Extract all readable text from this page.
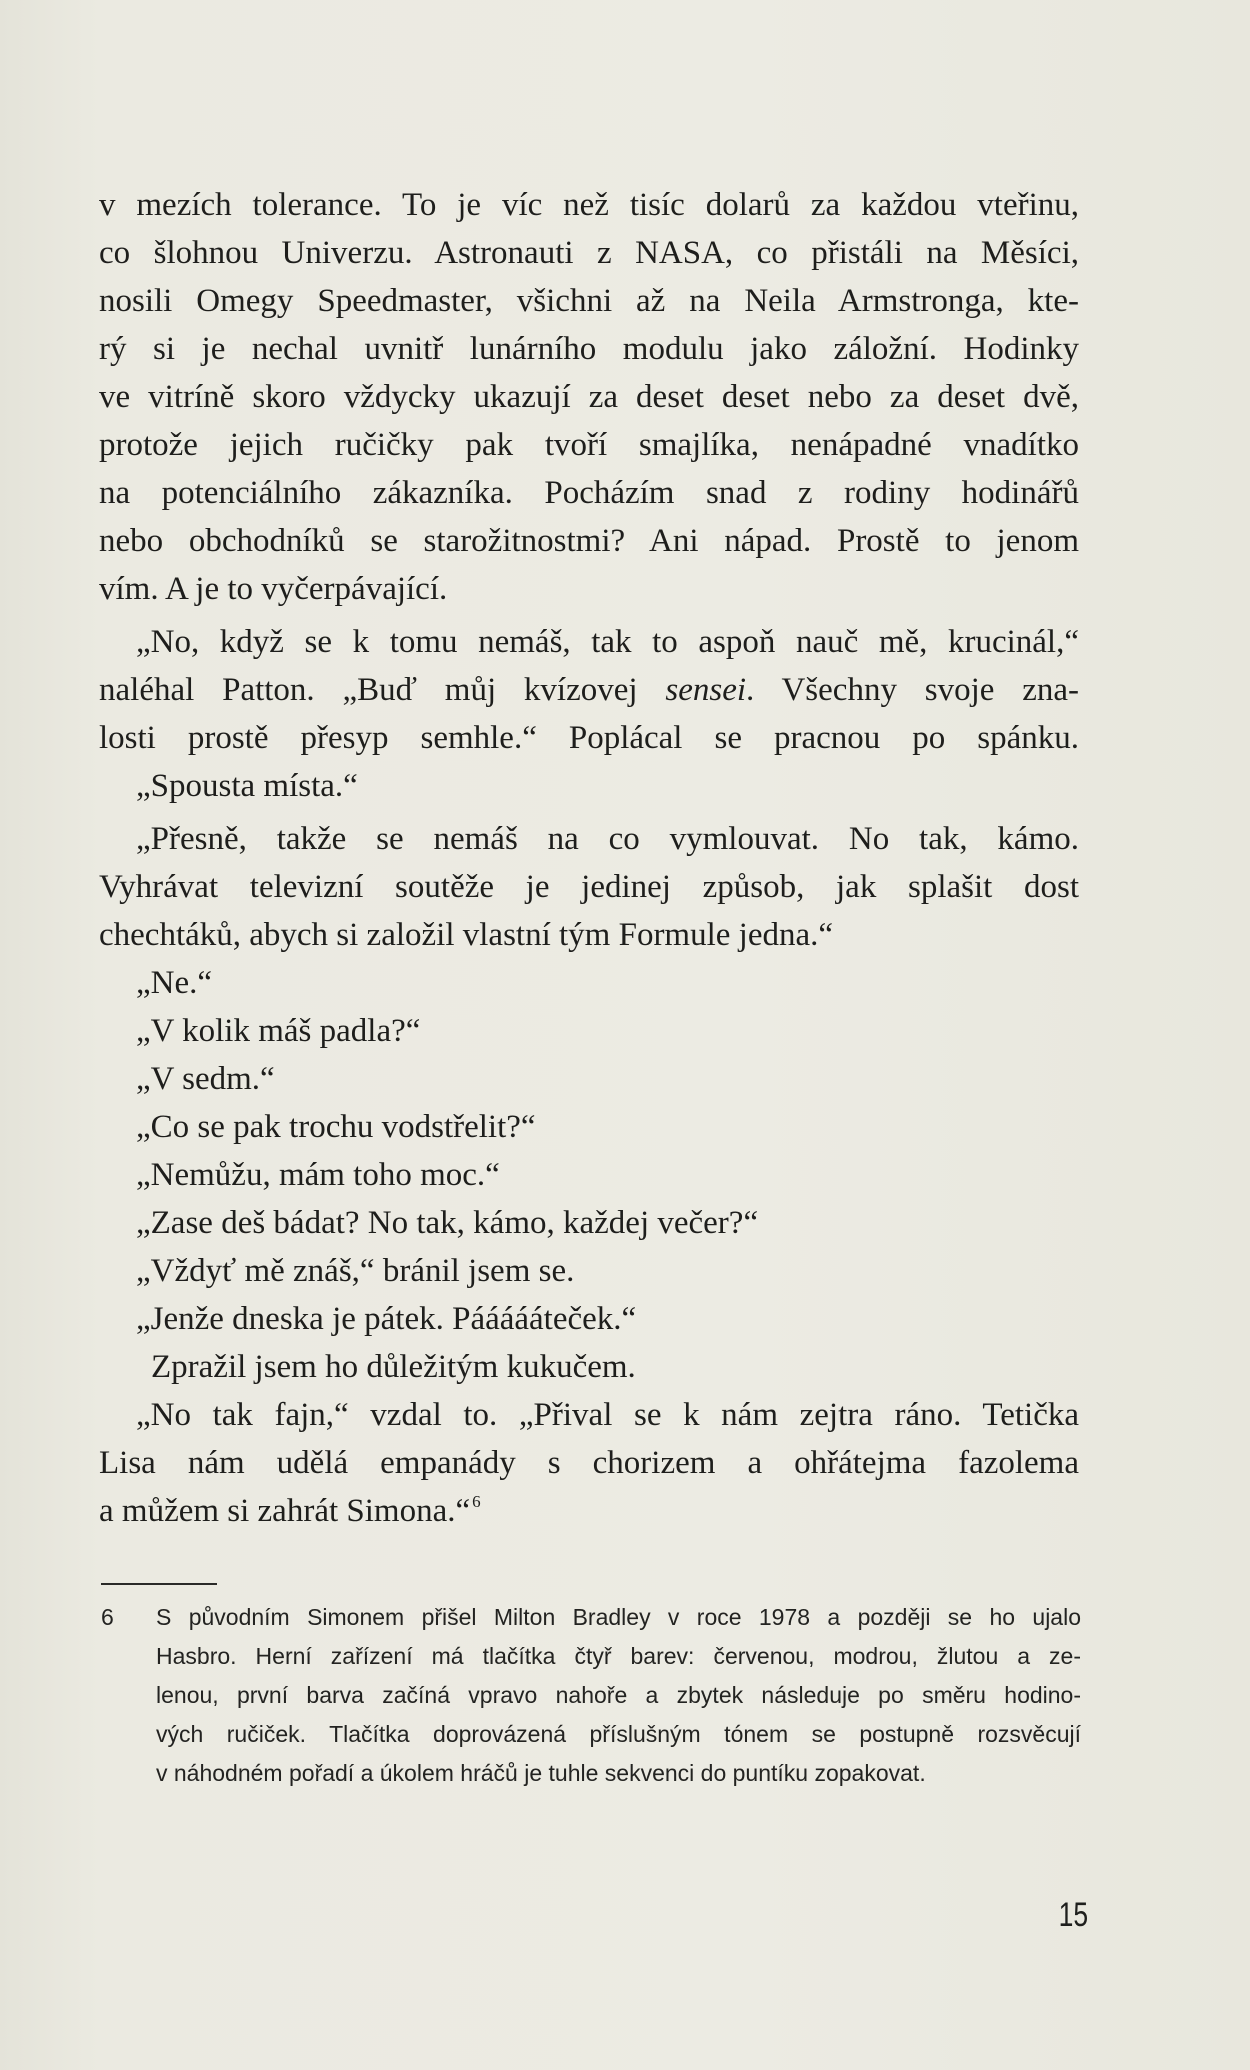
v mezích tolerance. To je víc než tisíc dolarů za každou vteřinu,
co šlohnou Univerzu. Astronauti z NASA, co přistáli na Měsíci,
nosili Omegy Speedmaster, všichni až na Neila Armstronga, kte-
rý si je nechal uvnitř lunárního modulu jako záložní. Hodinky
ve vitríně skoro vždycky ukazují za deset deset nebo za deset dvě,
protože jejich ručičky pak tvoří smajlíka, nenápadné vnadítko
na potenciálního zákazníka. Pocházím snad z rodiny hodinářů
nebo obchodníků se starožitnostmi? Ani nápad. Prostě to jenom
vím. A je to vyčerpávající.
„No, když se k tomu nemáš, tak to aspoň nauč mě, krucinál,“
naléhal Patton. „Buď můj kvízovej sensei. Všechny svoje zna-
losti prostě přesyp semhle.“ Poplácal se pracnou po spánku.
„Spousta místa.“
„Přesně, takže se nemáš na co vymlouvat. No tak, kámo.
Vyhrávat televizní soutěže je jedinej způsob, jak splašit dost
chechtáků, abych si založil vlastní tým Formule jedna.“
„Ne.“
„V kolik máš padla?“
„V sedm.“
„Co se pak trochu vodstřelit?“
„Nemůžu, mám toho moc.“
„Zase deš bádat? No tak, kámo, každej večer?“
„Vždyť mě znáš,“ bránil jsem se.
„Jenže dneska je pátek. Pááááátеček.“
Zpražil jsem ho důležitým kukučem.
„No tak fajn,“ vzdal to. „Přival se k nám zejtra ráno. Tetička
Lisa nám udělá empanády s chorizem a ohřátejma fazolema
a můžem si zahrát Simona.“ $^6$
6 S původním Simonem přišel Milton Bradley v roce 1978 a později se ho ujalo
Hasbro. Herní zařízení má tlačítka čtyř barev: červenou, modrou, žlutou a ze-
lenou, první barva začíná vpravo nahoře a zbytek následuje po směru hodino-
vých ručiček. Tlačítka doprovázená příslušným tónem se postupně rozsvěcují
v náhodném pořadí a úkolem hráčů je tuhle sekvenci do puntíku zopakovat.
15
